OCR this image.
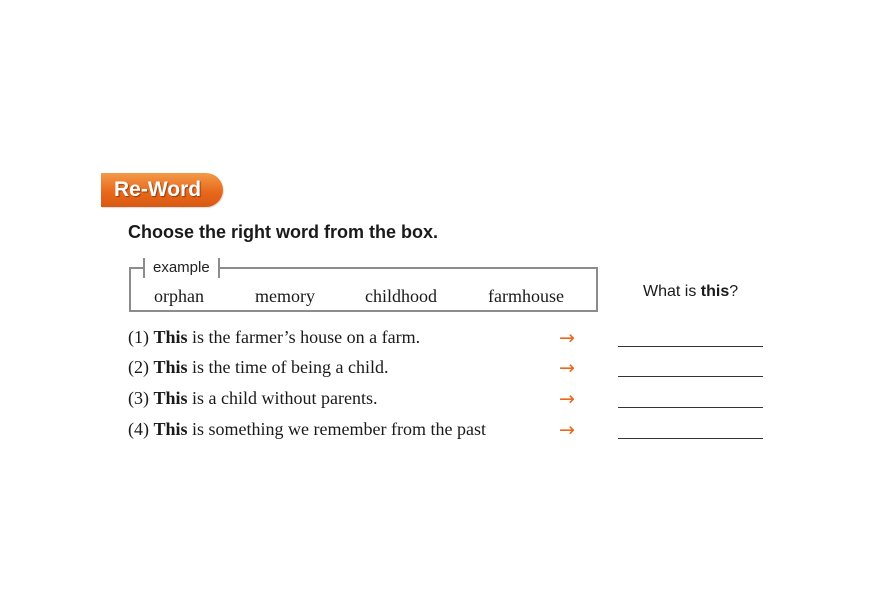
Re-Word
Choose the right word from the box.
example
orphan	memory	childhood	farmhouse	What is this?
(1) This is the farmer’s house on a farm.	→
(2) This is the time of being a child.	→
(3) This is a child without parents.	→
(4) This is something we remember from the past	→
